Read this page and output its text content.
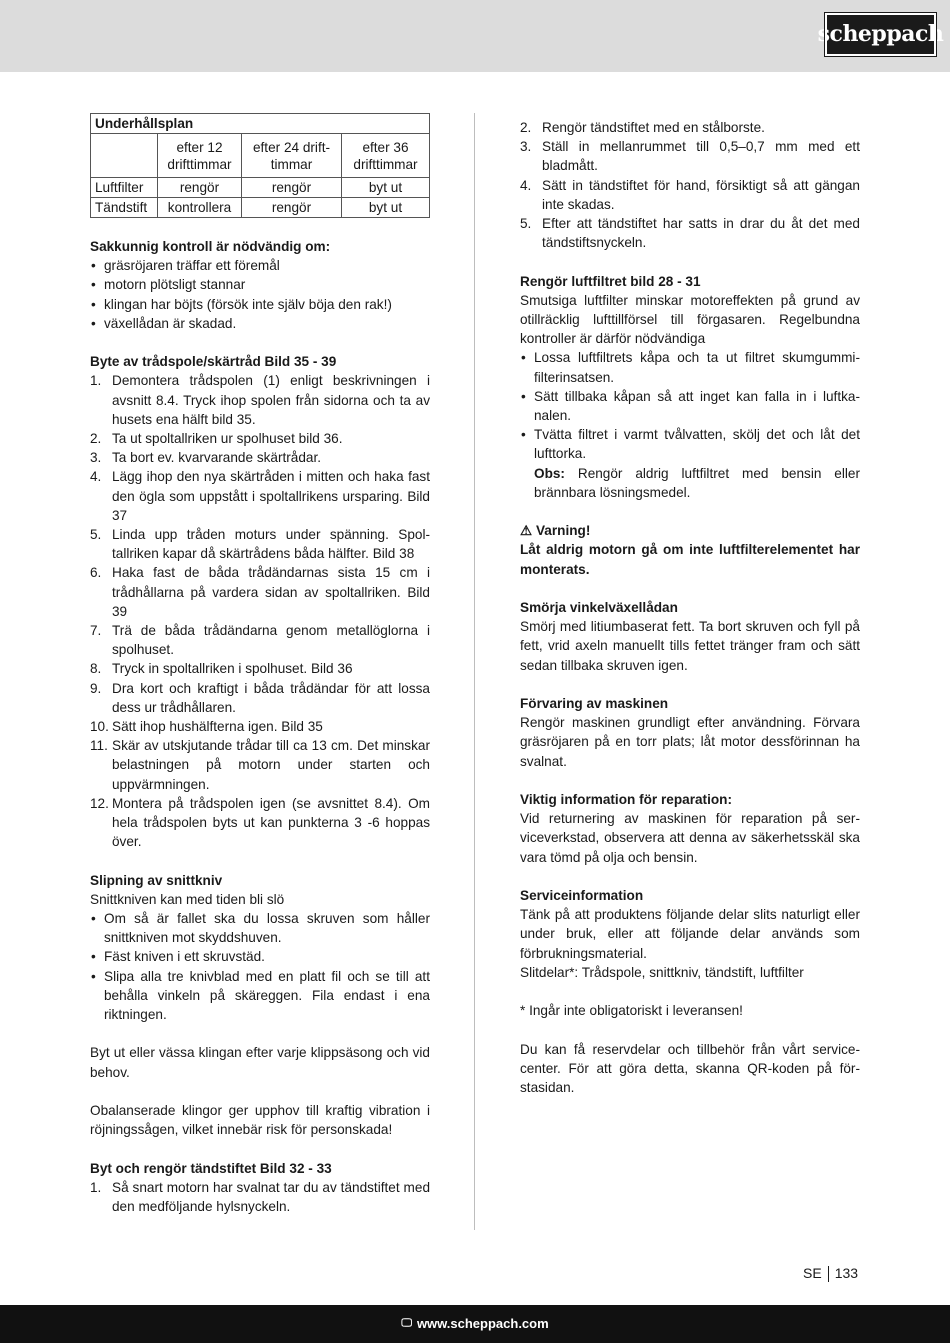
scheppach
Underhållsplan			
	efter 12 drifttimmar	efter 24 drift-timmar	efter 36 drifttimmar
Luftfilter	rengör	rengör	byt ut
Tändstift	kontrollera	rengör	byt ut
Sakkunnig kontroll är nödvändig om:
• gräsröjaren träffar ett föremål
• motorn plötsligt stannar
• klingan har böjts (försök inte själv böja den rak!)
• växellådan är skadad.
Byte av trådspole/skärtråd Bild 35 - 39
1. Demontera trådspolen (1) enligt beskrivningen i avsnitt 8.4. Tryck ihop spolen från sidorna och ta av husets ena hälft bild 35.
2. Ta ut spoltallriken ur spolhuset bild 36.
3. Ta bort ev. kvarvarande skärtrådar.
4. Lägg ihop den nya skärtråden i mitten och haka fast den ögla som uppstått i spoltallrikens ursparing. Bild 37
5. Linda upp tråden moturs under spänning. Spoltallriken kapar då skärtrådens båda hälfter. Bild 38
6. Haka fast de båda trådändarnas sista 15 cm i trådhållarna på vardera sidan av spoltallriken. Bild 39
7. Trä de båda trådändarna genom metallöglorna i spolhuset.
8. Tryck in spoltallriken i spolhuset. Bild 36
9. Dra kort och kraftigt i båda trådändar för att lossa dess ur trådhållaren.
10. Sätt ihop hushälfterna igen. Bild 35
11. Skär av utskjutande trådar till ca 13 cm. Det minskar belastningen på motorn under starten och uppvärmningen.
12. Montera på trådspolen igen (se avsnittet 8.4). Om hela trådspolen byts ut kan punkterna 3 -6 hoppas över.
Slipning av snittkniv

Snittkniven kan med tiden bli slö

• Om så är fallet ska du lossa skruven som håller snittkniven mot skyddshuven.
• Fäst kniven i ett skruvstäd.
• Slipa alla tre knivblad med en platt fil och se till att behålla vinkeln på skäreggen. Fila endast i ena riktningen.

Byt ut eller vässa klingan efter varje klippsäsong och vid behov.

Obalanserade klingor ger upphov till kraftig vibration i röjningssågen, vilket innebär risk för personskada!

Byt och rengör tändstiftet Bild 32 - 33
1. Så snart motorn har svalnat tar du av tändstiftet med den medföljande hylsnyckeln.
2. Rengör tändstiftet med en stålborste.
3. Ställ in mellanrummet till 0,5–0,7 mm med ett bladmått.
4. Sätt in tändstiftet för hand, försiktigt så att gängan inte skadas.
5. Efter att tändstiftet har satts in drar du åt det med tändstiftsnyckeln.
Rengör luftfiltret bild 28 - 31

Smutsiga luftfilter minskar motoreffekten på grund av otillräcklig lufttillförsel till förgasaren. Regelbundna kontroller är därför nödvändiga

• Lossa luftfiltrets kåpa och ta ut filtret skumgummifilterinsatsen.
• Sätt tillbaka kåpan så att inget kan falla in i luftkanalen.
• Tvätta filtret i varmt tvålvatten, skölj det och låt det lufttorka.

Obs: Rengör aldrig luftfiltret med bensin eller brännbara lösningsmedel.

⚠ Varning!

Låt aldrig motorn gå om inte luftfilterelementet har monterats.

Smörja vinkelväxellådan

Smörj med litiumbaserat fett. Ta bort skruven och fyll på fett, vrid axeln manuellt tills fettet tränger fram och sätt sedan tillbaka skruven igen.

Förvaring av maskinen

Rengör maskinen grundligt efter användning. Förvara gräsröjaren på en torr plats; låt motor dessförinnan ha svalnat.

Viktig information för reparation:

Vid returnering av maskinen för reparation på serviceverkstad, observera att denna av säkerhetsskäl ska vara tömd på olja och bensin.

Serviceinformation

Tänk på att produktens följande delar slits naturligt eller under bruk, eller att följande delar används som förbrukningsmaterial.

Slitdelar*: Trådspole, snittkniv, tändstift, luftfilter

* Ingår inte obligatoriskt i leveransen!

Du kan få reservdelar och tillbehör från vårt servicecenter. För att göra detta, skanna QR-koden på förstasidan.

SE 133
🖵 www.scheppach.com
